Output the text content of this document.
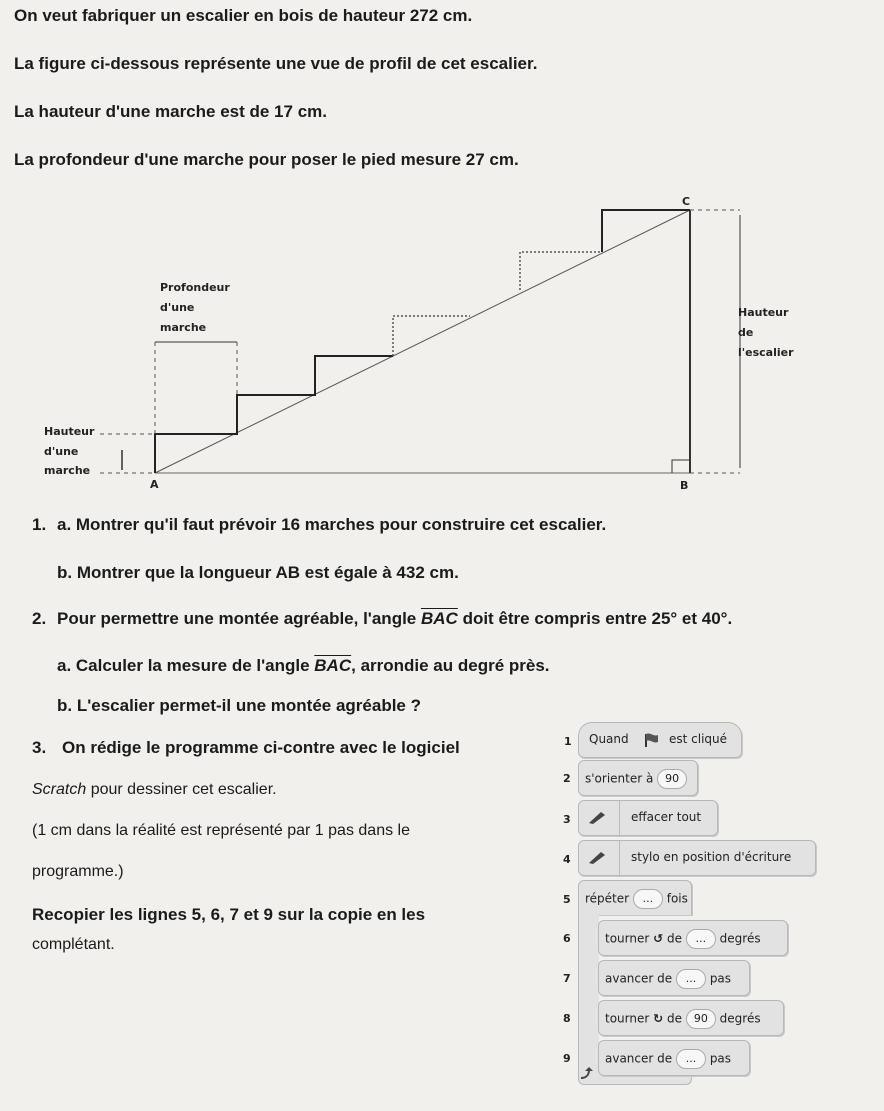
On veut fabriquer un escalier en bois de hauteur 272 cm.
La figure ci-dessous représente une vue de profil de cet escalier.
La hauteur d'une marche est de 17 cm.
La profondeur d'une marche pour poser le pied mesure 27 cm.
C
A	B
Profondeur
d'une
marche
Hauteur
d'une
marche
Hauteur
de
l'escalier
1. a. Montrer qu'il faut prévoir 16 marches pour construire cet escalier.
b. Montrer que la longueur AB est égale à 432 cm.
2. Pour permettre une montée agréable, l'angle $\overline{BAC}$ doit être compris entre 25° et 40°.
a. Calculer la mesure de l'angle $\overline{BAC}$, arrondie au degré près.
b. L'escalier permet-il une montée agréable ?
3. On rédige le programme ci-contre avec le logiciel
Scratch pour dessiner cet escalier.
(1 cm dans la réalité est représenté par 1 pas dans le
programme.)
Recopier les lignes 5, 6, 7 et 9 sur la copie en les
complétant.
1 Quand	est cliqué
2 s'orienter à 90
3	effacer tout
4	stylo en position d'écriture
5 répéter ... fois
6	tourner ↺ de ... degrés
7	avancer de ... pas
8	tourner ↻ de 90 degrés
9	avancer de ... pas
